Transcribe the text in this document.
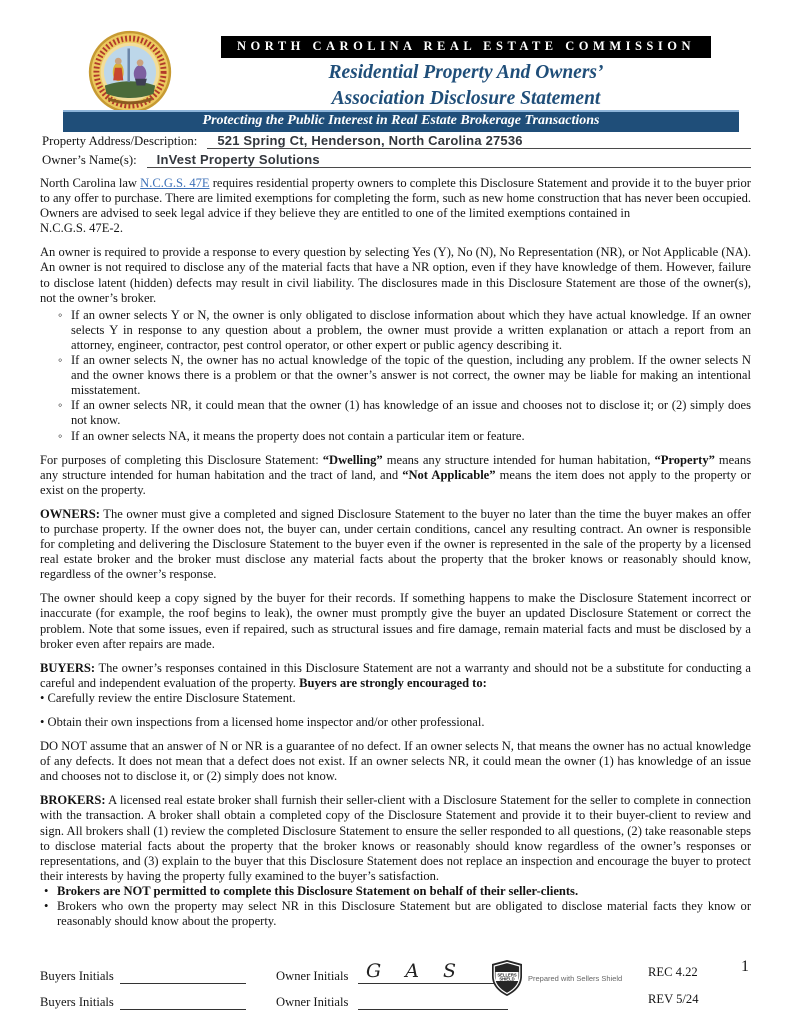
NORTH CAROLINA REAL ESTATE COMMISSION
Residential Property And Owners’
Association Disclosure Statement
Protecting the Public Interest in Real Estate Brokerage Transactions
Property Address/Description:	521 Spring Ct, Henderson, North Carolina 27536
Owner’s Name(s):	InVest Property Solutions

North Carolina law N.C.G.S. 47E requires residential property owners to complete this Disclosure Statement and provide it to the buyer prior to any offer to purchase. There are limited exemptions for completing the form, such as new home construction that has never been occupied. Owners are advised to seek legal advice if they believe they are entitled to one of the limited exemptions contained in
N.C.G.S. 47E-2.

An owner is required to provide a response to every question by selecting Yes (Y), No (N), No Representation (NR), or Not Applicable (NA). An owner is not required to disclose any of the material facts that have a NR option, even if they have knowledge of them. However, failure to disclose latent (hidden) defects may result in civil liability. The disclosures made in this Disclosure Statement are those of the owner(s), not the owner’s broker.

◦ If an owner selects Y or N, the owner is only obligated to disclose information about which they have actual knowledge. If an owner selects Y in response to any question about a problem, the owner must provide a written explanation or attach a report from an attorney, engineer, contractor, pest control operator, or other expert or public agency describing it.
◦ If an owner selects N, the owner has no actual knowledge of the topic of the question, including any problem. If the owner selects N and the owner knows there is a problem or that the owner’s answer is not correct, the owner may be liable for making an intentional misstatement.
◦ If an owner selects NR, it could mean that the owner (1) has knowledge of an issue and chooses not to disclose it; or (2) simply does not know.
◦ If an owner selects NA, it means the property does not contain a particular item or feature.

For purposes of completing this Disclosure Statement: “Dwelling” means any structure intended for human habitation, “Property” means any structure intended for human habitation and the tract of land, and “Not Applicable” means the item does not apply to the property or exist on the property.

OWNERS: The owner must give a completed and signed Disclosure Statement to the buyer no later than the time the buyer makes an offer to purchase property. If the owner does not, the buyer can, under certain conditions, cancel any resulting contract. An owner is responsible for completing and delivering the Disclosure Statement to the buyer even if the owner is represented in the sale of the property by a licensed real estate broker and the broker must disclose any material facts about the property that the broker knows or reasonably should know, regardless of the owner’s response.

The owner should keep a copy signed by the buyer for their records. If something happens to make the Disclosure Statement incorrect or inaccurate (for example, the roof begins to leak), the owner must promptly give the buyer an updated Disclosure Statement or correct the problem. Note that some issues, even if repaired, such as structural issues and fire damage, remain material facts and must be disclosed by a broker even after repairs are made.

BUYERS: The owner’s responses contained in this Disclosure Statement are not a warranty and should not be a substitute for conducting a careful and independent evaluation of the property. Buyers are strongly encouraged to:

• Carefully review the entire Disclosure Statement.

• Obtain their own inspections from a licensed home inspector and/or other professional.

DO NOT assume that an answer of N or NR is a guarantee of no defect. If an owner selects N, that means the owner has no actual knowledge of any defects. It does not mean that a defect does not exist. If an owner selects NR, it could mean the owner (1) has knowledge of an issue and chooses not to disclose it, or (2) simply does not know.

BROKERS: A licensed real estate broker shall furnish their seller-client with a Disclosure Statement for the seller to complete in connection with the transaction. A broker shall obtain a completed copy of the Disclosure Statement and provide it to their buyer-client to review and sign. All brokers shall (1) review the completed Disclosure Statement to ensure the seller responded to all questions, (2) take reasonable steps to disclose material facts about the property that the broker knows or reasonably should know regardless of the owner’s responses or representations, and (3) explain to the buyer that this Disclosure Statement does not replace an inspection and encourage the buyer to protect their interests by having the property fully examined to the buyer’s satisfaction.

• Brokers are NOT permitted to complete this Disclosure Statement on behalf of their seller-clients.
• Brokers who own the property may select NR in this Disclosure Statement but are obligated to disclose material facts they know or reasonably should know about the property.
Buyers Initials	Owner Initials G A S
Buyers Initials	Owner Initials
SELLERS
SHIELD Prepared with Sellers Shield REC 4.22
REV 5/24
1
